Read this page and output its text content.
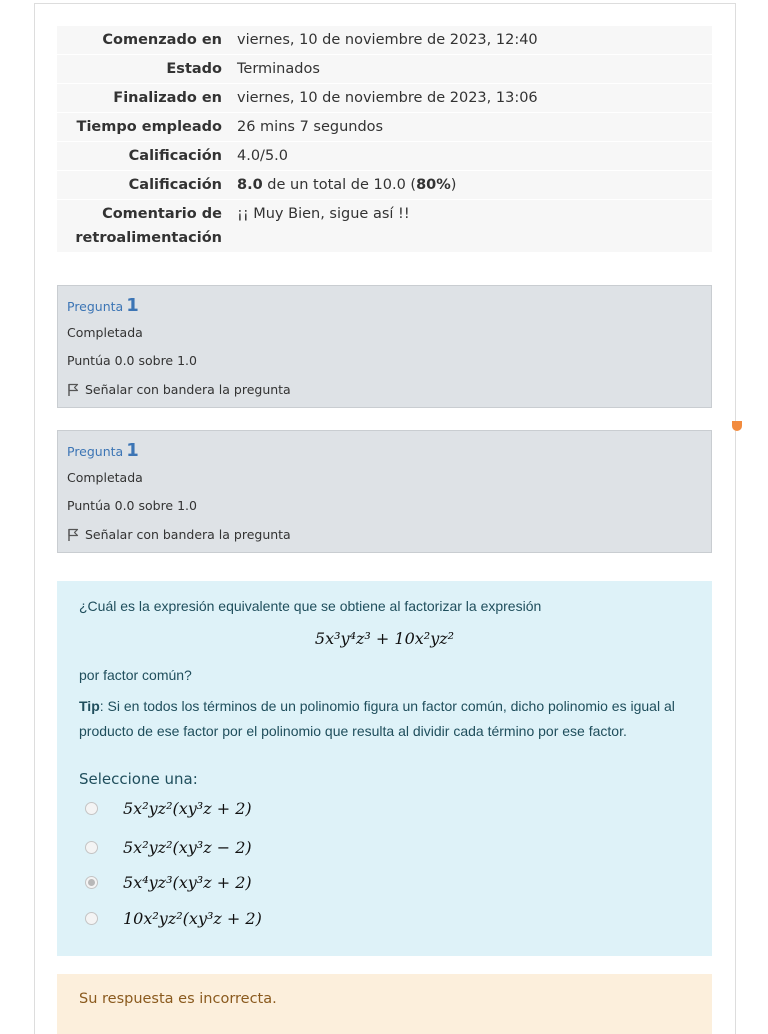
Comenzado en	viernes, 10 de noviembre de 2023, 12:40
Estado	Terminados
Finalizado en	viernes, 10 de noviembre de 2023, 13:06
Tiempo empleado	26 mins 7 segundos
Calificación	4.0/5.0
Calificación	8.0 de un total de 10.0 (80%)
Comentario de retroalimentación	¡¡ Muy Bien, sigue así !!
Pregunta 1
Completada
Puntúa 0.0 sobre 1.0
Señalar con bandera la pregunta
Pregunta 1
Completada
Puntúa 0.0 sobre 1.0
Señalar con bandera la pregunta
¿Cuál es la expresión equivalente que se obtiene al factorizar la expresión
5x³y⁴z³ + 10x²yz²
por factor común?
Tip: Si en todos los términos de un polinomio figura un factor común, dicho polinomio es igual al producto de ese factor por el polinomio que resulta al dividir cada término por ese factor.
Seleccione una:
5x²yz²(xy³z + 2)
5x²yz²(xy³z − 2)
5x⁴yz³(xy³z + 2)
10x²yz²(xy³z + 2)
Su respuesta es incorrecta.
